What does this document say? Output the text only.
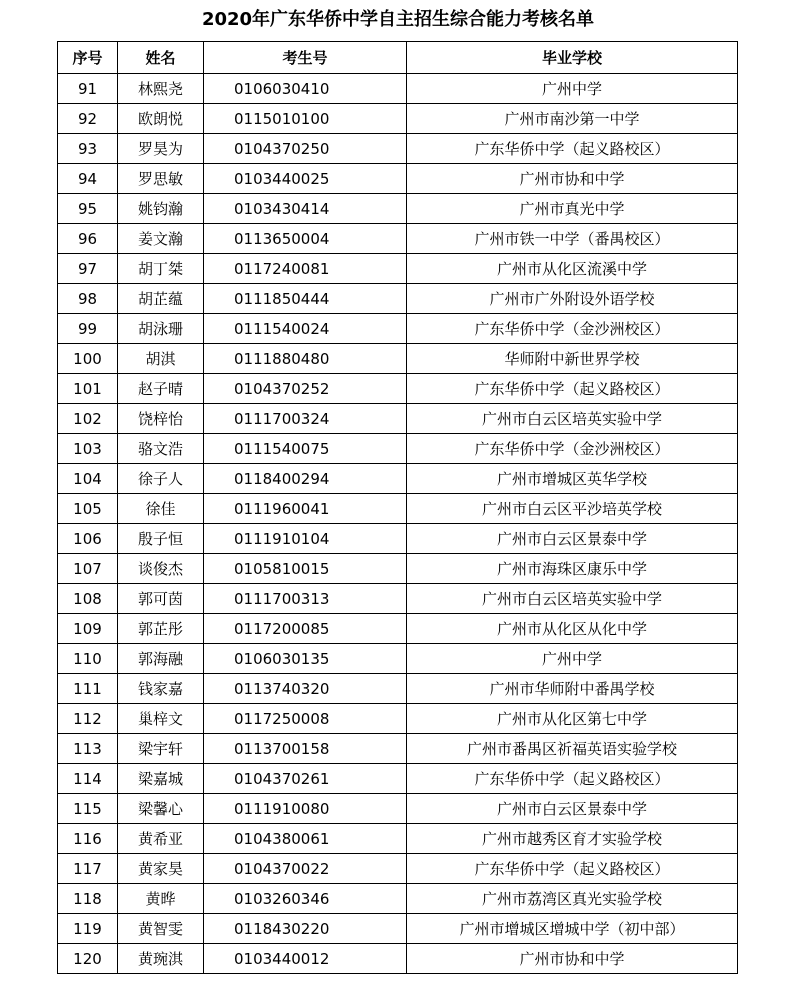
2020年广东华侨中学自主招生综合能力考核名单
序号	姓名	考生号	毕业学校
91	林熙尧	0106030410	广州中学
92	欧朗悦	0115010100	广州市南沙第一中学
93	罗昊为	0104370250	广东华侨中学（起义路校区）
94	罗思敏	0103440025	广州市协和中学
95	姚钧瀚	0103430414	广州市真光中学
96	姜文瀚	0113650004	广州市铁一中学（番禺校区）
97	胡丁桀	0117240081	广州市从化区流溪中学
98	胡芷蕴	0111850444	广州市广外附设外语学校
99	胡泳珊	0111540024	广东华侨中学（金沙洲校区）
100	胡淇	0111880480	华师附中新世界学校
101	赵子晴	0104370252	广东华侨中学（起义路校区）
102	饶梓怡	0111700324	广州市白云区培英实验中学
103	骆文浩	0111540075	广东华侨中学（金沙洲校区）
104	徐子人	0118400294	广州市增城区英华学校
105	徐佳	0111960041	广州市白云区平沙培英学校
106	殷子恒	0111910104	广州市白云区景泰中学
107	谈俊杰	0105810015	广州市海珠区康乐中学
108	郭可茵	0111700313	广州市白云区培英实验中学
109	郭芷彤	0117200085	广州市从化区从化中学
110	郭海融	0106030135	广州中学
111	钱家嘉	0113740320	广州市华师附中番禺学校
112	巢梓文	0117250008	广州市从化区第七中学
113	梁宇轩	0113700158	广州市番禺区祈福英语实验学校
114	梁嘉城	0104370261	广东华侨中学（起义路校区）
115	梁馨心	0111910080	广州市白云区景泰中学
116	黄希亚	0104380061	广州市越秀区育才实验学校
117	黄家昊	0104370022	广东华侨中学（起义路校区）
118	黄晔	0103260346	广州市荔湾区真光实验学校
119	黄智雯	0118430220	广州市增城区增城中学（初中部）
120	黄琬淇	0103440012	广州市协和中学
